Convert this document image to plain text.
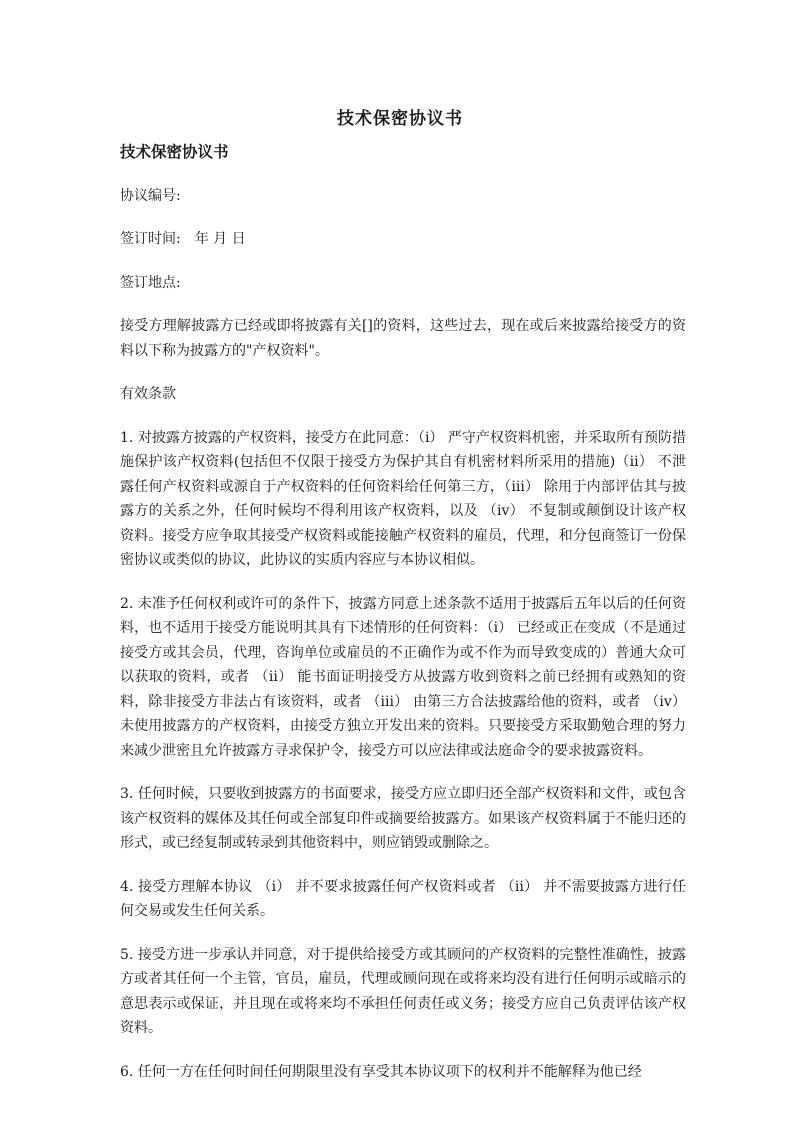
技术保密协议书
技术保密协议书
协议编号:
签订时间:　年 月 日
签订地点:
接受方理解披露方已经或即将披露有关[]的资料，这些过去，现在或后来披露给接受方的资料以下称为披露方的"产权资料"。
有效条款
1. 对披露方披露的产权资料，接受方在此同意：（i） 严守产权资料机密，并采取所有预防措施保护该产权资料(包括但不仅限于接受方为保护其自有机密材料所采用的措施)（ii） 不泄露任何产权资料或源自于产权资料的任何资料给任何第三方，（iii） 除用于内部评估其与披露方的关系之外，任何时候均不得利用该产权资料，以及 （iv） 不复制或颠倒设计该产权资料。接受方应争取其接受产权资料或能接触产权资料的雇员，代理，和分包商签订一份保密协议或类似的协议，此协议的实质内容应与本协议相似。
2. 未准予任何权利或许可的条件下，披露方同意上述条款不适用于披露后五年以后的任何资料，也不适用于接受方能说明其具有下述情形的任何资料：（i） 已经或正在变成（不是通过接受方或其会员，代理，咨询单位或雇员的不正确作为或不作为而导致变成的）普通大众可以获取的资料，或者 （ii） 能书面证明接受方从披露方收到资料之前已经拥有或熟知的资料，除非接受方非法占有该资料，或者 （iii） 由第三方合法披露给他的资料，或者 （iv） 未使用披露方的产权资料，由接受方独立开发出来的资料。只要接受方采取勤勉合理的努力来减少泄密且允许披露方寻求保护令，接受方可以应法律或法庭命令的要求披露资料。
3. 任何时候，只要收到披露方的书面要求，接受方应立即归还全部产权资料和文件，或包含该产权资料的媒体及其任何或全部复印件或摘要给披露方。如果该产权资料属于不能归还的形式，或已经复制或转录到其他资料中，则应销毁或删除之。
4. 接受方理解本协议 （i） 并不要求披露任何产权资料或者 （ii） 并不需要披露方进行任何交易或发生任何关系。
5. 接受方进一步承认并同意，对于提供给接受方或其顾问的产权资料的完整性准确性，披露方或者其任何一个主管，官员，雇员，代理或顾问现在或将来均没有进行任何明示或暗示的意思表示或保证，并且现在或将来均不承担任何责任或义务；接受方应自己负责评估该产权资料。
6. 任何一方在任何时间任何期限里没有享受其本协议项下的权利并不能解释为他已经
